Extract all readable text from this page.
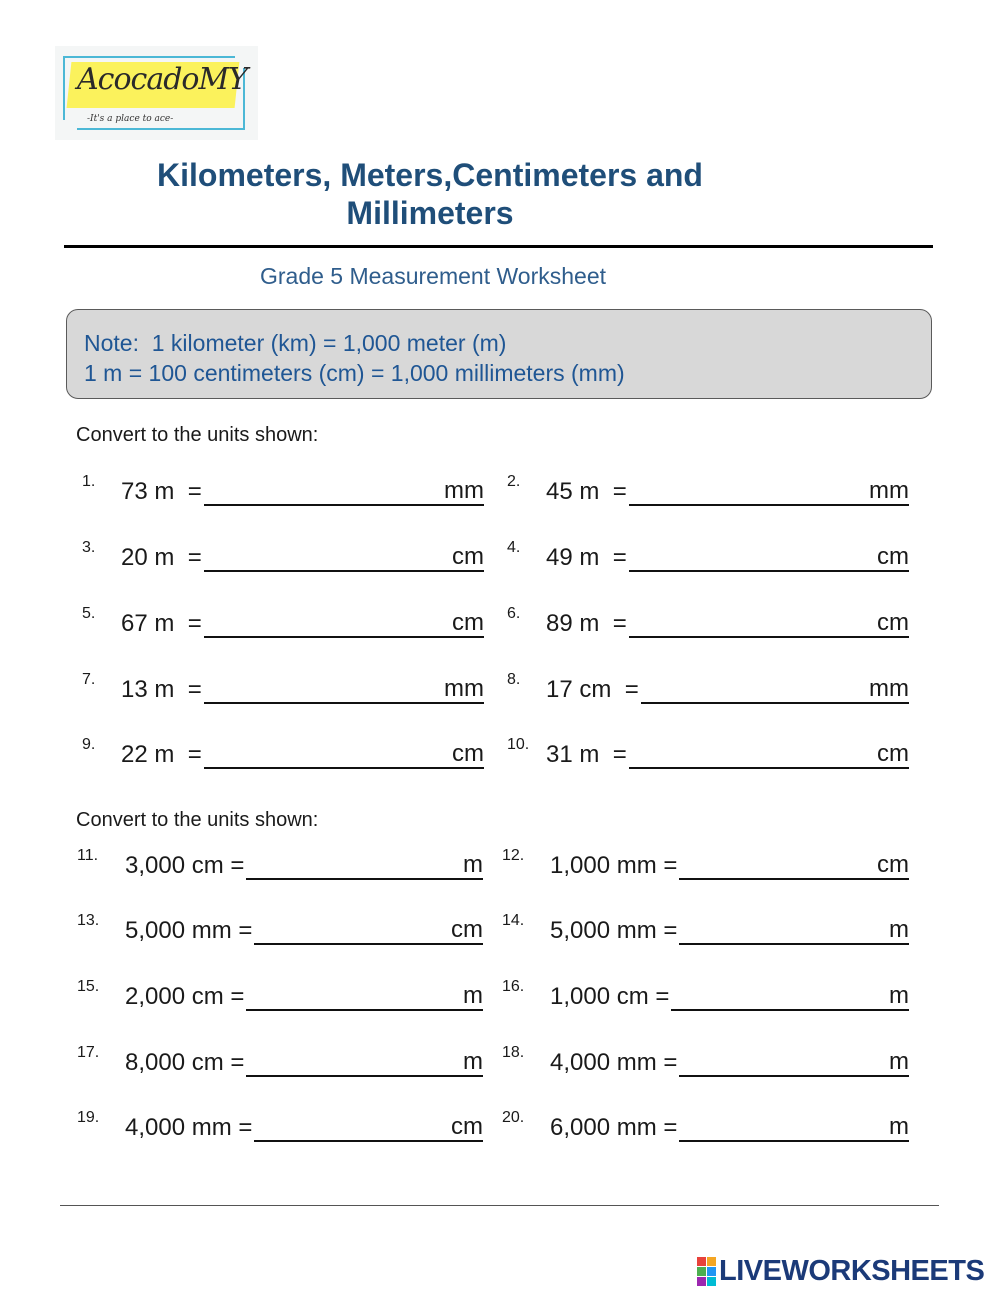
AcocadoMY
-It's a place to ace-
Kilometers, Meters,Centimeters and
Millimeters
Grade 5 Measurement Worksheet
Note:  1 kilometer (km) = 1,000 meter (m)
1 m = 100 centimeters (cm) = 1,000 millimeters (mm)
Convert to the units shown:
Convert to the units shown:
1. 73 m  =	mm 2. 45 m  =	mm
3. 20 m  =	cm 4. 49 m  =	cm
5. 67 m  =	cm 6. 89 m  =	cm
7. 13 m  =	mm 8. 17 cm  =	mm
9. 22 m  =	cm 10. 31 m  =	cm
11. 3,000 cm =	m 12. 1,000 mm =	cm
13. 5,000 mm =	cm 14. 5,000 mm =	m
15. 2,000 cm =	m 16. 1,000 cm =	m
17. 8,000 cm =	m 18. 4,000 mm =	m
19. 4,000 mm =	cm 20. 6,000 mm =	m
LIVEWORKSHEETS
